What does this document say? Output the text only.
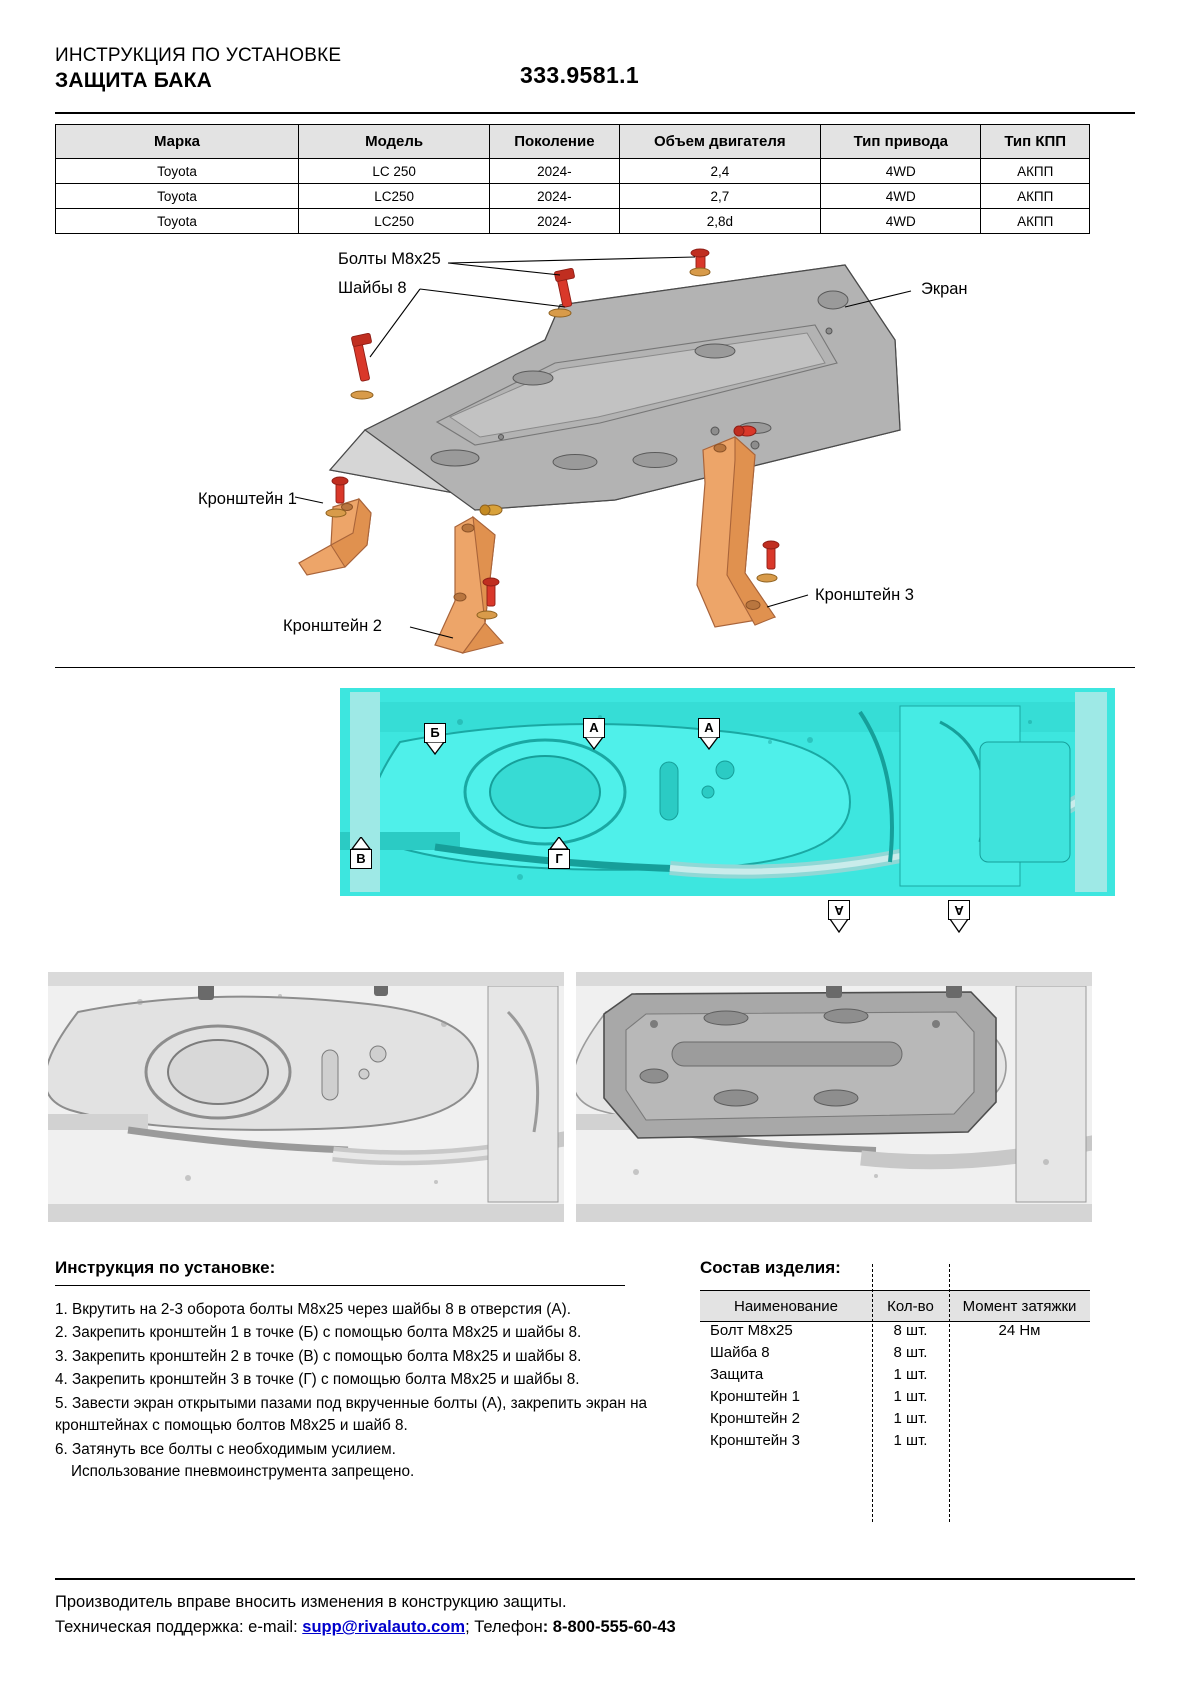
ИНСТРУКЦИЯ ПО УСТАНОВКЕ
ЗАЩИТА БАКА	333.9581.1
Марка	Модель	Поколение	Объем двигателя	Тип привода	Тип КПП
Toyota	LC 250	2024-	2,4	4WD	АКПП
Toyota	LC250	2024-	2,7	4WD	АКПП
Toyota	LC250	2024-	2,8d	4WD	АКПП
Болты M8x25
Шайбы 8	Экран
Кронштейн 1
Кронштейн 2
Кронштейн 3
Б	А	А
В	Г
А	А
Инструкция по установке:
1. Вкрутить на 2-3 оборота болты M8x25 через шайбы 8 в отверстия (А).
2. Закрепить кронштейн 1 в точке (Б) с помощью болта M8x25 и шайбы 8.
3. Закрепить кронштейн 2 в точке (В) с помощью болта M8x25 и шайбы 8.
4. Закрепить кронштейн 3 в точке (Г) с помощью болта M8x25 и шайбы 8.
5. Завести экран открытыми пазами под вкрученные болты (А), закрепить экран на кронштейнах с помощью болтов M8x25 и шайб 8.
6. Затянуть все болты с необходимым усилием.
Использование пневмоинструмента запрещено.
Состав изделия:
Наименование	Кол-во	Момент затяжки
Болт M8x25	8 шт.	24 Нм
Шайба 8	8 шт.	
Защита	1 шт.	
Кронштейн 1	1 шт.	
Кронштейн 2	1 шт.	
Кронштейн 3	1 шт.	
Производитель вправе вносить изменения в конструкцию защиты.
Техническая поддержка: e-mail: supp@rivalauto.com; Телефон: 8-800-555-60-43
